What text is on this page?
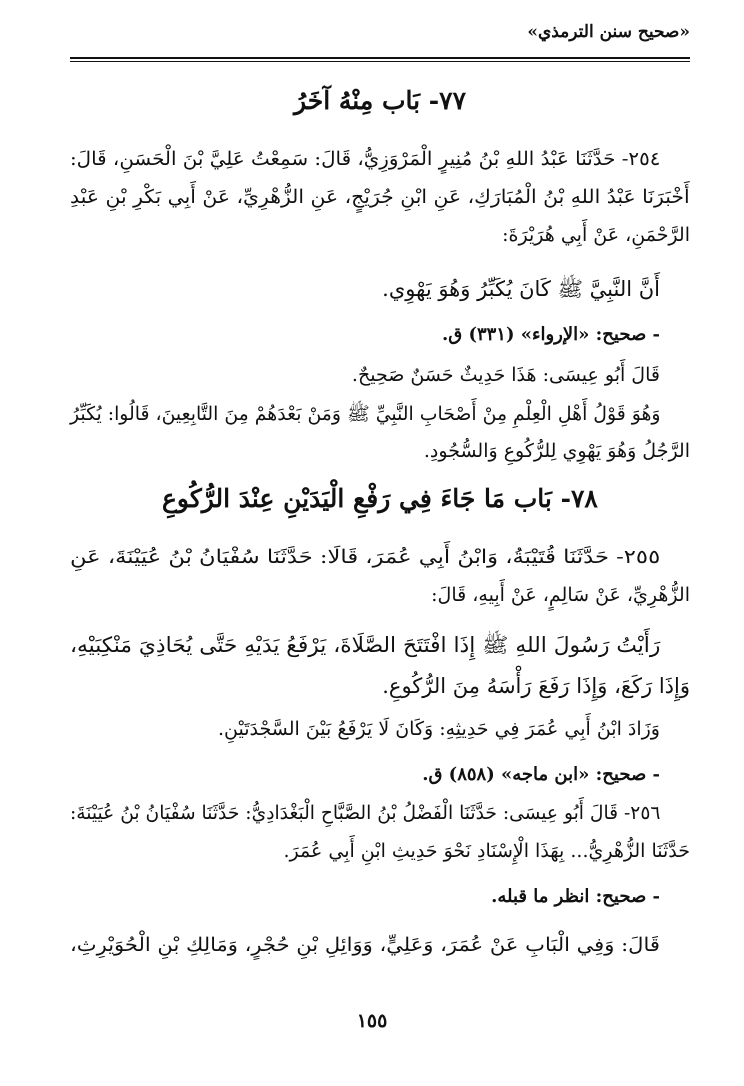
«صحيح سنن الترمذي»
٧٧- بَاب مِنْهُ آخَرُ
٢٥٤- حَدَّثَنَا عَبْدُ اللهِ بْنُ مُنِيرٍ الْمَرْوَزِيُّ، قَالَ: سَمِعْتُ عَلِيَّ بْنَ الْحَسَنِ، قَالَ:
أَخْبَرَنَا عَبْدُ اللهِ بْنُ الْمُبَارَكِ، عَنِ ابْنِ جُرَيْجٍ، عَنِ الزُّهْرِيِّ، عَنْ أَبِي بَكْرِ بْنِ عَبْدِ
الرَّحْمَنِ، عَنْ أَبِي هُرَيْرَةَ:
أَنَّ النَّبِيَّ ﷺ كَانَ يُكَبِّرُ وَهُوَ يَهْوِي.
- صحيح: «الإرواء» (٣٣١) ق.
قَالَ أَبُو عِيسَى: هَذَا حَدِيثٌ حَسَنٌ صَحِيحٌ.
وَهُوَ قَوْلُ أَهْلِ الْعِلْمِ مِنْ أَصْحَابِ النَّبِيِّ ﷺ وَمَنْ بَعْدَهُمْ مِنَ التَّابِعِينَ، قَالُوا: يُكَبِّرُ
الرَّجُلُ وَهُوَ يَهْوِي لِلرُّكُوعِ وَالسُّجُودِ.
٧٨- بَاب مَا جَاءَ فِي رَفْعِ الْيَدَيْنِ عِنْدَ الرُّكُوعِ
٢٥٥- حَدَّثَنَا قُتَيْبَةُ، وَابْنُ أَبِي عُمَرَ، قَالَا: حَدَّثَنَا سُفْيَانُ بْنُ عُيَيْنَةَ، عَنِ
الزُّهْرِيِّ، عَنْ سَالِمٍ، عَنْ أَبِيهِ، قَالَ:
رَأَيْتُ رَسُولَ اللهِ ﷺ إِذَا افْتَتَحَ الصَّلَاةَ، يَرْفَعُ يَدَيْهِ حَتَّى يُحَاذِيَ مَنْكِبَيْهِ،
وَإِذَا رَكَعَ، وَإِذَا رَفَعَ رَأْسَهُ مِنَ الرُّكُوعِ.
وَزَادَ ابْنُ أَبِي عُمَرَ فِي حَدِيثِهِ: وَكَانَ لَا يَرْفَعُ بَيْنَ السَّجْدَتَيْنِ.
- صحيح: «ابن ماجه» (٨٥٨) ق.
٢٥٦- قَالَ أَبُو عِيسَى: حَدَّثَنَا الْفَضْلُ بْنُ الصَّبَّاحِ الْبَغْدَادِيُّ: حَدَّثَنَا سُفْيَانُ بْنُ عُيَيْنَةَ:
حَدَّثَنَا الزُّهْرِيُّ... بِهَذَا الْإِسْنَادِ نَحْوَ حَدِيثِ ابْنِ أَبِي عُمَرَ.
- صحيح: انظر ما قبله.
قَالَ: وَفِي الْبَابِ عَنْ عُمَرَ، وَعَلِيٍّ، وَوَائِلِ بْنِ حُجْرٍ، وَمَالِكِ بْنِ الْحُوَيْرِثِ،
١٥٥
